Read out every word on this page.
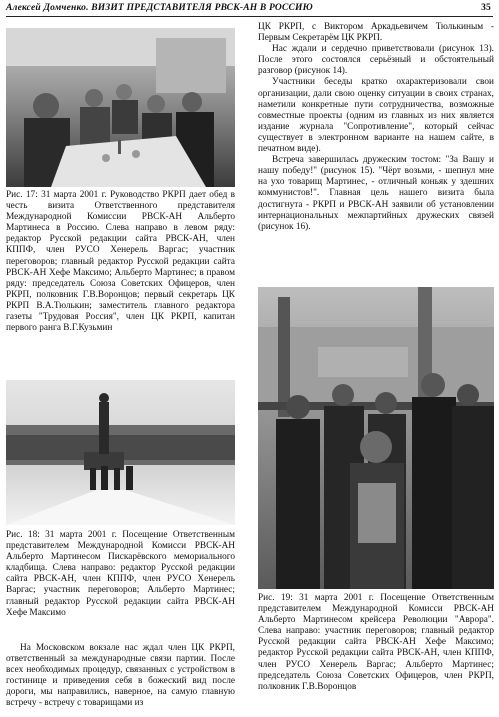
Алексей Домченко. ВИЗИТ ПРЕДСТАВИТЕЛЯ РВСК-АН В РОССИЮ	35

Рис. 17: 31 марта 2001 г. Руководство РКРП дает обед в честь визита Ответственного представителя Международной Комиссии РВСК-АН Альберто Мартинеса в Россию. Слева направо в левом ряду: редактор Русской редакции сайта РВСК-АН, член КППФ, член РУСО Хенерель Варгас; участник переговоров; главный редактор Русской редакции сайта РВСК-АН Хефе Максимо; Альберто Мартинес; в правом ряду: председатель Союза Советских Офицеров, член РКРП, полковник Г.В.Воронцов; первый секретарь ЦК РКРП В.А.Тюлькин; заместитель главного редактора газеты "Трудовая Россия", член ЦК РКРП, капитан первого ранга В.Г.Кузьмин

Рис. 18: 31 марта 2001 г. Посещение Ответственным представителем Международной Комисси РВСК-АН Альберто Мартинесом Пискарёвского мемориального кладбища. Слева направо: редактор Русской редакции сайта РВСК-АН, член КППФ, член РУСО Хенерель Варгас; участник переговоров; Альберто Мартинес; главный редактор Русской редакции сайта РВСК-АН Хефе Максимо

На Московском вокзале нас ждал член ЦК РКРП, ответственный за международные связи партии. После всех необходимых процедур, связанных с устройством в гостинице и приведения себя в божеский вид после дороги, мы направились, наверное, на самую главную встречу - встречу с товарищами из

ЦК РКРП, с Виктором Аркадьевичем Тюлькиным - Первым Секретарём ЦК РКРП.

Нас ждали и сердечно приветствовали (рисунок 13). После этого состоялся серьёзный и обстоятельный разговор (рисунок 14).

Участники беседы кратко охарактеризовали свои организации, дали свою оценку ситуации в своих странах, наметили конкретные пути сотрудничества, возможные совместные проекты (одним из главных из них является издание журнала "Сопротивление", который сейчас существует в электронном варианте на нашем сайте, в печатном виде).

Встреча завершилась дружеским тостом: "За Вашу и нашу победу!" (рисунок 15). "Чёрт возьми, - шепнул мне на ухо товарищ Мартинес, - отличный коньяк у здешних коммунистов!". Главная цель нашего визита была достигнута - РКРП и РВСК-АН заявили об установлении интернациональных межпартийных дружеских связей (рисунок 16).

Рис. 19: 31 марта 2001 г. Посещение Ответственным представителем Международной Комисси РВСК-АН Альберто Мартинесом крейсера Революции "Аврора". Слева направо: участник переговоров; главный редактор Русской редакции сайта РВСК-АН Хефе Максимо; редактор Русской редакции сайта РВСК-АН, член КППФ, член РУСО Хенерель Варгас; Альберто Мартинес; председатель Союза Советских Офицеров, член РКРП, полковник Г.В.Воронцов
